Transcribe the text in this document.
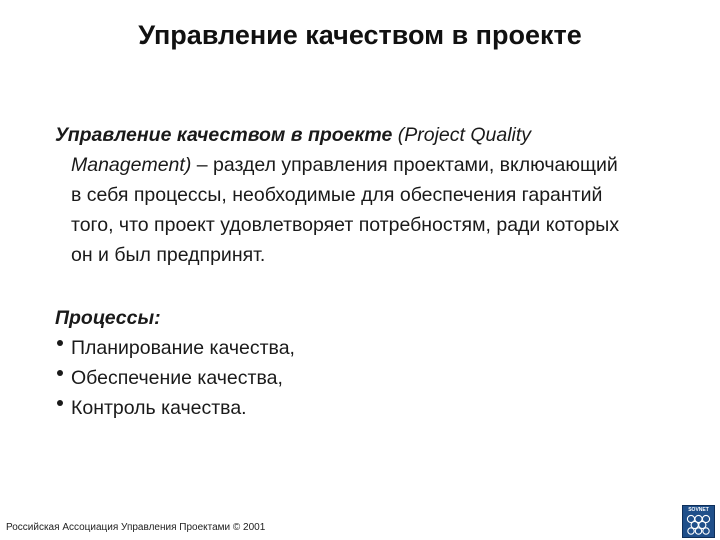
Управление качеством в проекте
Управление качеством в проекте (Project Quality
Management) – раздел управления проектами, включающий
в себя процессы, необходимые для обеспечения гарантий
того, что проект удовлетворяет потребностям, ради которых
он и был предпринят.
Процессы:
Планирование качества,
Обеспечение качества,
Контроль качества.
Российская Ассоциация Управления Проектами © 2001
SOVNET
